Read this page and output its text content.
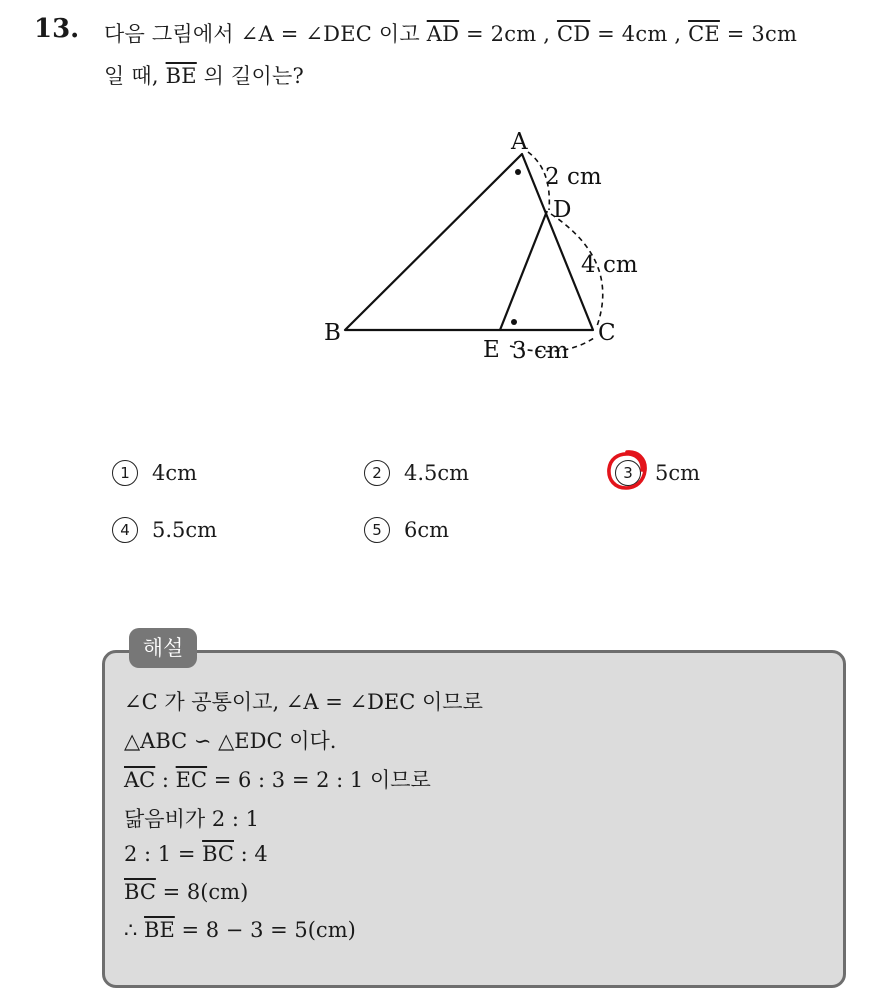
13. 다음 그림에서 ∠A = ∠DEC 이고 $\overline{AD} = 2cm$ , $\overline{CD} = 4cm$ , $\overline{CE} = 3cm$
일 때, $\overline{BE}$ 의 길이는?
A
B	C
D
E
2 cm
4 cm
3 cm
1 4cm	2 4.5cm	3 5cm
4 5.5cm	5 6cm
해설
∠C 가 공통이고, ∠A = ∠DEC 이므로
△ABC ∽ △EDC 이다.
$\overline{AC}$ : $\overline{EC} = 6$ : 3 = 2 : 1 이므로
닮음비가 2 : 1
2 : $1 = \overline{BC}$ : 4
$\overline{BC} = 8(cm)$
∴ $\overline{BE} = 8 - 3 = 5(cm)$
